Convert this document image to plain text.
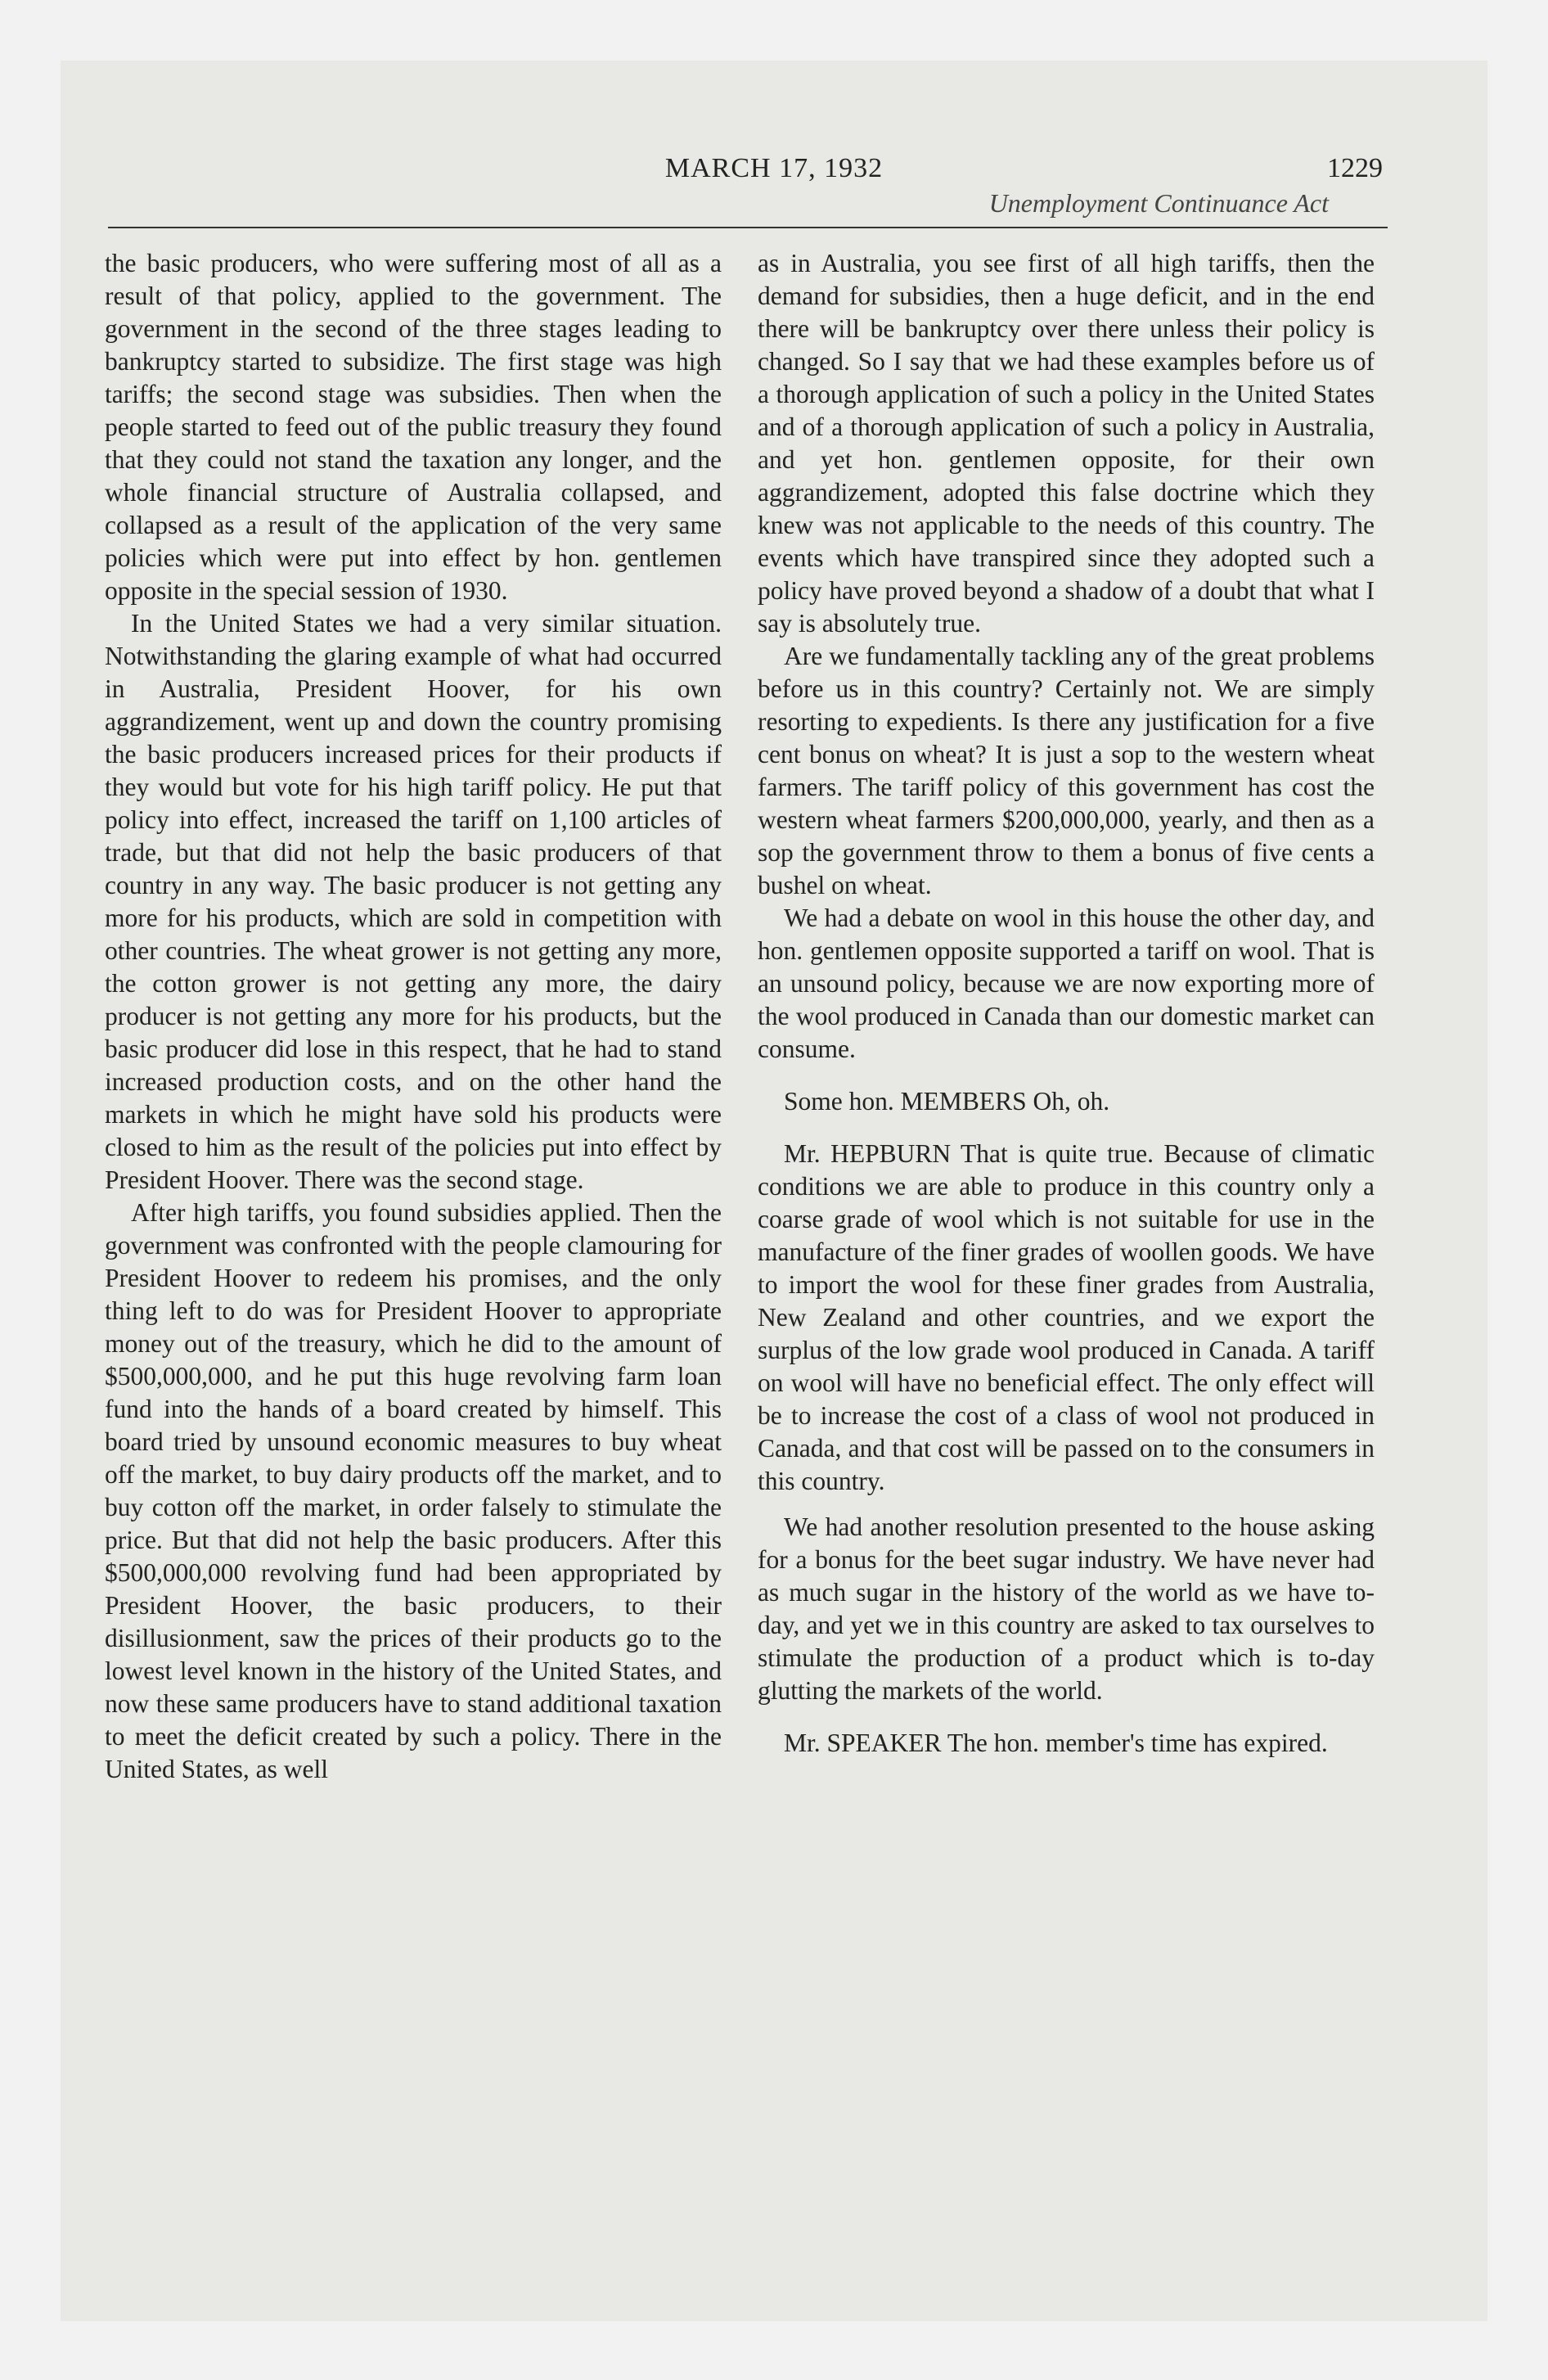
MARCH 17, 1932	1229
Unemployment Continuance Act

the basic producers, who were suffering most of all as a result of that policy, applied to the government. The government in the second of the three stages leading to bankruptcy started to subsidize. The first stage was high tariffs; the second stage was subsidies. Then when the people started to feed out of the public treasury they found that they could not stand the taxation any longer, and the whole financial structure of Australia collapsed, and collapsed as a result of the application of the very same policies which were put into effect by hon. gentlemen opposite in the special session of 1930.

In the United States we had a very similar situation. Notwithstanding the glaring example of what had occurred in Australia, President Hoover, for his own aggrandizement, went up and down the country promising the basic producers increased prices for their products if they would but vote for his high tariff policy. He put that policy into effect, increased the tariff on 1,100 articles of trade, but that did not help the basic producers of that country in any way. The basic producer is not getting any more for his products, which are sold in competition with other countries. The wheat grower is not getting any more, the cotton grower is not getting any more, the dairy producer is not getting any more for his products, but the basic producer did lose in this respect, that he had to stand increased production costs, and on the other hand the markets in which he might have sold his products were closed to him as the result of the policies put into effect by President Hoover. There was the second stage.

After high tariffs, you found subsidies applied. Then the government was confronted with the people clamouring for President Hoover to redeem his promises, and the only thing left to do was for President Hoover to appropriate money out of the treasury, which he did to the amount of $500,000,000, and he put this huge revolving farm loan fund into the hands of a board created by himself. This board tried by unsound economic measures to buy wheat off the market, to buy dairy products off the market, and to buy cotton off the market, in order falsely to stimulate the price. But that did not help the basic producers. After this $500,000,000 revolving fund had been appropriated by President Hoover, the basic producers, to their disillusionment, saw the prices of their products go to the lowest level known in the history of the United States, and now these same producers have to stand additional taxation to meet the deficit created by such a policy. There in the United States, as well

as in Australia, you see first of all high tariffs, then the demand for subsidies, then a huge deficit, and in the end there will be bankruptcy over there unless their policy is changed. So I say that we had these examples before us of a thorough application of such a policy in the United States and of a thorough application of such a policy in Australia, and yet hon. gentlemen opposite, for their own aggrandizement, adopted this false doctrine which they knew was not applicable to the needs of this country. The events which have transpired since they adopted such a policy have proved beyond a shadow of a doubt that what I say is absolutely true.

Are we fundamentally tackling any of the great problems before us in this country? Certainly not. We are simply resorting to expedients. Is there any justification for a five cent bonus on wheat? It is just a sop to the western wheat farmers. The tariff policy of this government has cost the western wheat farmers $200,000,000, yearly, and then as a sop the government throw to them a bonus of five cents a bushel on wheat.

We had a debate on wool in this house the other day, and hon. gentlemen opposite supported a tariff on wool. That is an unsound policy, because we are now exporting more of the wool produced in Canada than our domestic market can consume.

Some hon. MEMBERS Oh, oh.

Mr. HEPBURN That is quite true. Because of climatic conditions we are able to produce in this country only a coarse grade of wool which is not suitable for use in the manufacture of the finer grades of woollen goods. We have to import the wool for these finer grades from Australia, New Zealand and other countries, and we export the surplus of the low grade wool produced in Canada. A tariff on wool will have no beneficial effect. The only effect will be to increase the cost of a class of wool not produced in Canada, and that cost will be passed on to the consumers in this country.

We had another resolution presented to the house asking for a bonus for the beet sugar industry. We have never had as much sugar in the history of the world as we have to-day, and yet we in this country are asked to tax ourselves to stimulate the production of a product which is to-day glutting the markets of the world.

Mr. SPEAKER The hon. member's time has expired.
